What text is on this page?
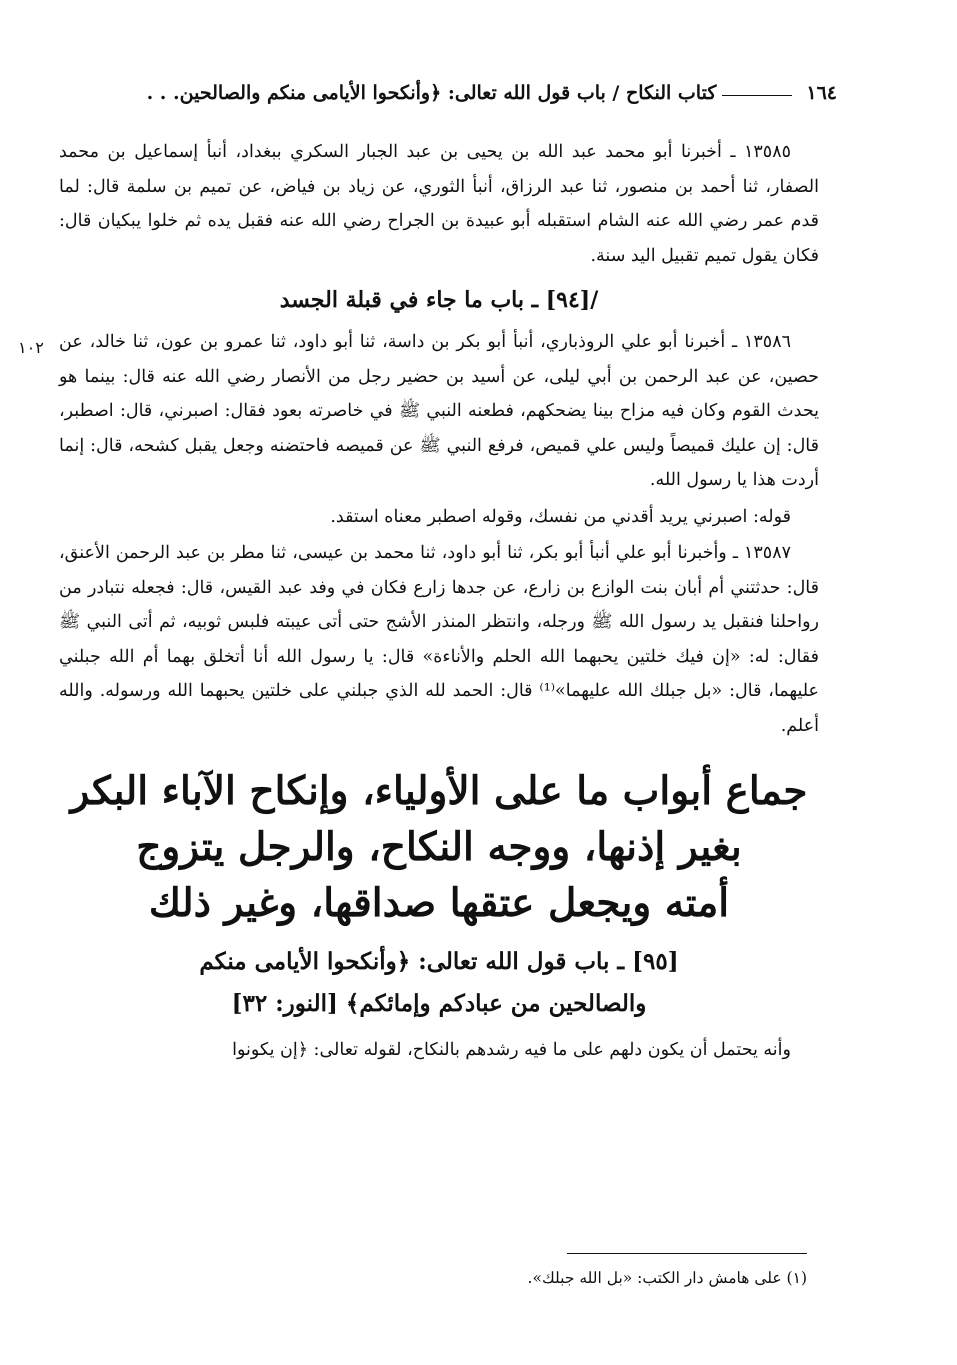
١٦٤
كتاب النكاح / باب قول الله تعالى: ﴿وأنكحوا الأيامى منكم والصالحين. . .
١٠٢

١٣٥٨٥ ـ أخبرنا أبو محمد عبد الله بن يحيى بن عبد الجبار السكري ببغداد، أنبأ إسماعيل بن محمد الصفار، ثنا أحمد بن منصور، ثنا عبد الرزاق، أنبأ الثوري، عن زياد بن فياض، عن تميم بن سلمة قال: لما قدم عمر رضي الله عنه الشام استقبله أبو عبيدة بن الجراح رضي الله عنه فقبل يده ثم خلوا يبكيان قال: فكان يقول تميم تقبيل اليد سنة.

/[٩٤] ـ باب ما جاء في قبلة الجسد

١٣٥٨٦ ـ أخبرنا أبو علي الروذباري، أنبأ أبو بكر بن داسة، ثنا أبو داود، ثنا عمرو بن عون، ثنا خالد، عن حصين، عن عبد الرحمن بن أبي ليلى، عن أسيد بن حضير رجل من الأنصار رضي الله عنه قال: بينما هو يحدث القوم وكان فيه مزاح بينا يضحكهم، فطعنه النبي ﷺ في خاصرته بعود فقال: اصبرني، قال: اصطبر، قال: إن عليك قميصاً وليس علي قميص، فرفع النبي ﷺ عن قميصه فاحتضنه وجعل يقبل كشحه، قال: إنما أردت هذا يا رسول الله.

قوله: اصبرني يريد أقدني من نفسك، وقوله اصطبر معناه استقد.

١٣٥٨٧ ـ وأخبرنا أبو علي أنبأ أبو بكر، ثنا أبو داود، ثنا محمد بن عيسى، ثنا مطر بن عبد الرحمن الأعنق، قال: حدثتني أم أبان بنت الوازع بن زارع، عن جدها زارع فكان في وفد عبد القيس، قال: فجعله نتبادر من رواحلنا فنقبل يد رسول الله ﷺ ورجله، وانتظر المنذر الأشج حتى أتى عيبته فلبس ثوبيه، ثم أتى النبي ﷺ فقال: له: «إن فيك خلتين يحبهما الله الحلم والأناءة» قال: يا رسول الله أنا أتخلق بهما أم الله جبلني عليهما، قال: «بل جبلك الله عليهما»⁽¹⁾ قال: الحمد لله الذي جبلني على خلتين يحبهما الله ورسوله. والله أعلم.

جماع أبواب ما على الأولياء، وإنكاح الآباء البكر
بغير إذنها، ووجه النكاح، والرجل يتزوج
أمته ويجعل عتقها صداقها، وغير ذلك
[٩٥] ـ باب قول الله تعالى: ﴿وأنكحوا الأيامى منكم
والصالحين من عبادكم وإمائكم﴾ [النور: ٣٢]

وأنه يحتمل أن يكون دلهم على ما فيه رشدهم بالنكاح، لقوله تعالى: ﴿إن يكونوا

(١) على هامش دار الكتب: «بل الله جبلك».
